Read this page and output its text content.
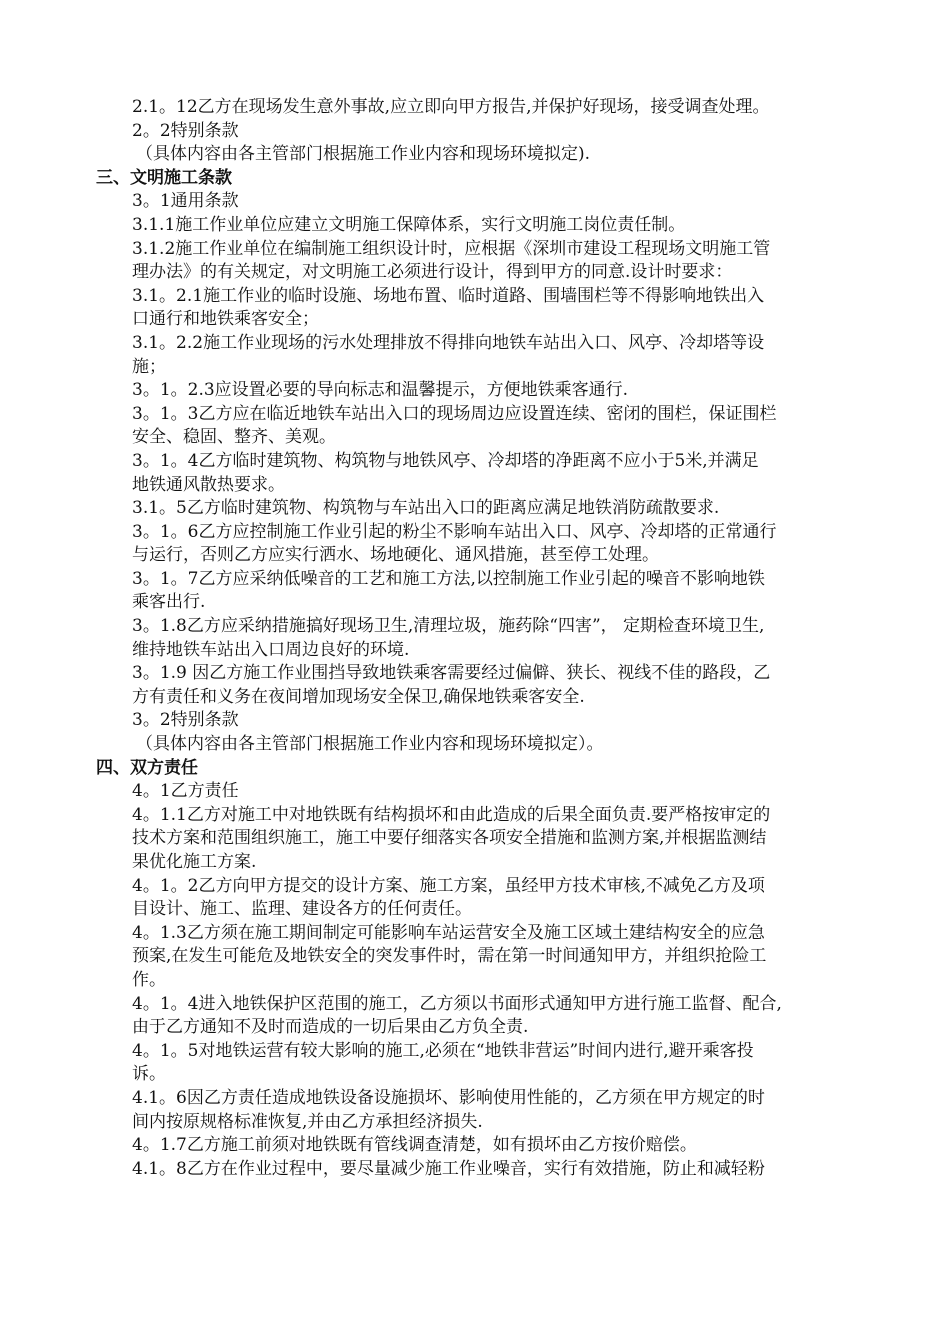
2.1。12乙方在现场发生意外事故,应立即向甲方报告,并保护好现场，接受调查处理。
2。2特别条款
（具体内容由各主管部门根据施工作业内容和现场环境拟定).
三、文明施工条款
3。1通用条款
3.1.1施工作业单位应建立文明施工保障体系，实行文明施工岗位责任制。
3.1.2施工作业单位在编制施工组织设计时，应根据《深圳市建设工程现场文明施工管
理办法》的有关规定，对文明施工必须进行设计，得到甲方的同意.设计时要求：
3.1。2.1施工作业的临时设施、场地布置、临时道路、围墙围栏等不得影响地铁出入
口通行和地铁乘客安全；
3.1。2.2施工作业现场的污水处理排放不得排向地铁车站出入口、风亭、冷却塔等设
施；
3。1。2.3应设置必要的导向标志和温馨提示，方便地铁乘客通行.
3。1。3乙方应在临近地铁车站出入口的现场周边应设置连续、密闭的围栏，保证围栏
安全、稳固、整齐、美观。
3。1。4乙方临时建筑物、构筑物与地铁风亭、冷却塔的净距离不应小于5米,并满足
地铁通风散热要求。
3.1。5乙方临时建筑物、构筑物与车站出入口的距离应满足地铁消防疏散要求.
3。1。6乙方应控制施工作业引起的粉尘不影响车站出入口、风亭、冷却塔的正常通行
与运行，否则乙方应实行洒水、场地硬化、通风措施，甚至停工处理。
3。1。7乙方应采纳低噪音的工艺和施工方法,以控制施工作业引起的噪音不影响地铁
乘客出行.
3。1.8乙方应采纳措施搞好现场卫生,清理垃圾，施药除“四害”， 定期检查环境卫生,
维持地铁车站出入口周边良好的环境.
3。1.9 因乙方施工作业围挡导致地铁乘客需要经过偏僻、狭长、视线不佳的路段，乙
方有责任和义务在夜间增加现场安全保卫,确保地铁乘客安全.
3。2特别条款
（具体内容由各主管部门根据施工作业内容和现场环境拟定）。
四、双方责任
4。1乙方责任
4。1.1乙方对施工中对地铁既有结构损坏和由此造成的后果全面负责.要严格按审定的
技术方案和范围组织施工，施工中要仔细落实各项安全措施和监测方案,并根据监测结
果优化施工方案.
4。1。2乙方向甲方提交的设计方案、施工方案，虽经甲方技术审核,不减免乙方及项
目设计、施工、监理、建设各方的任何责任。
4。1.3乙方须在施工期间制定可能影响车站运营安全及施工区域土建结构安全的应急
预案,在发生可能危及地铁安全的突发事件时，需在第一时间通知甲方，并组织抢险工
作。
4。1。4进入地铁保护区范围的施工，乙方须以书面形式通知甲方进行施工监督、配合,
由于乙方通知不及时而造成的一切后果由乙方负全责.
4。1。5对地铁运营有较大影响的施工,必须在“地铁非营运”时间内进行,避开乘客投
诉。
4.1。6因乙方责任造成地铁设备设施损坏、影响使用性能的，乙方须在甲方规定的时
间内按原规格标准恢复,并由乙方承担经济损失.
4。1.7乙方施工前须对地铁既有管线调查清楚，如有损坏由乙方按价赔偿。
4.1。8乙方在作业过程中，要尽量减少施工作业噪音，实行有效措施，防止和减轻粉
